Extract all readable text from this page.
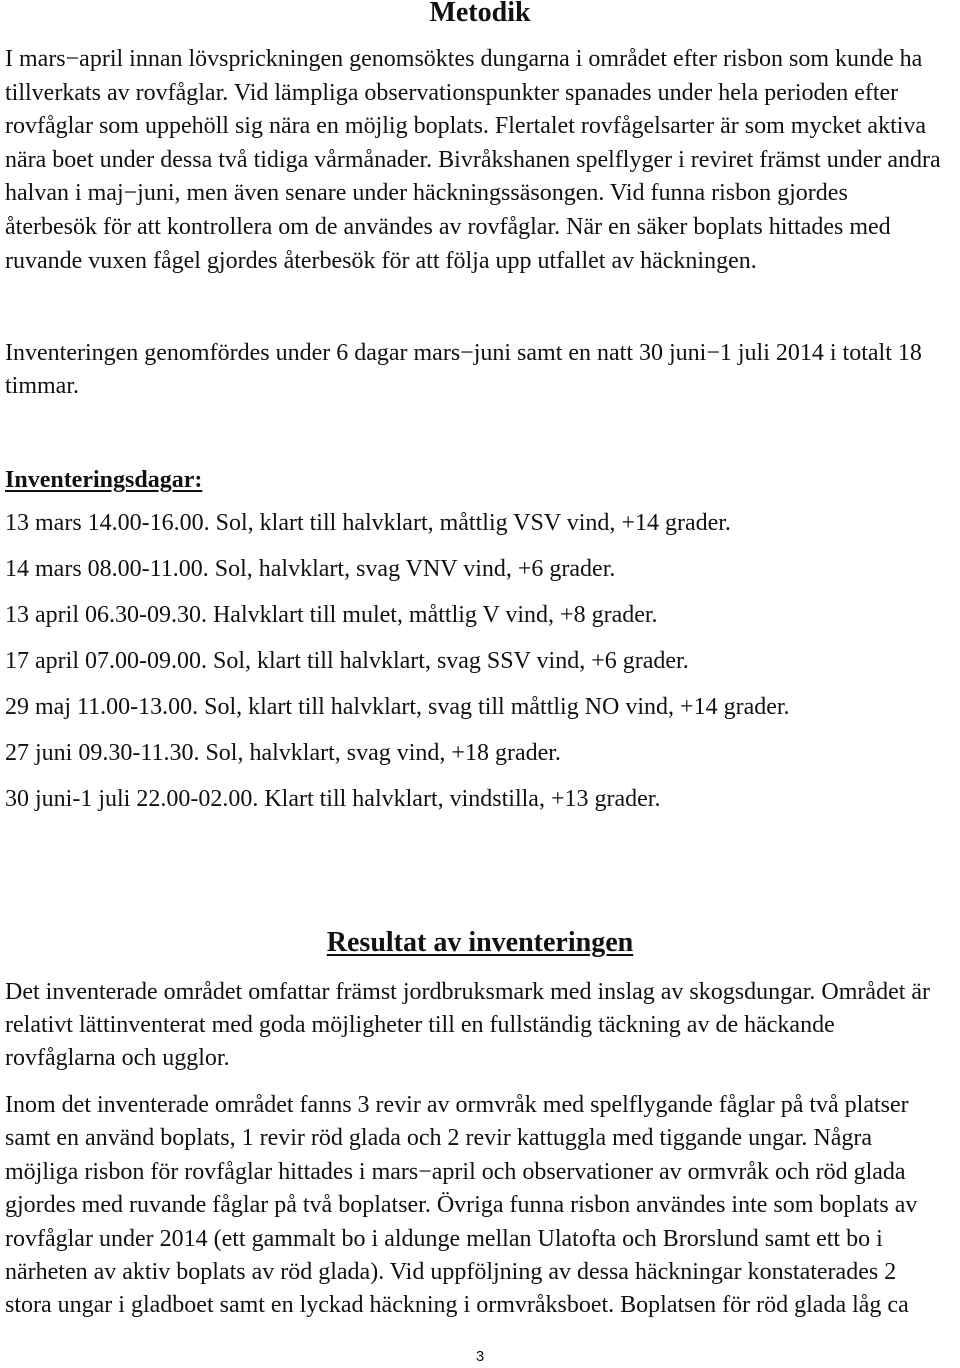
Metodik
I mars−april innan lövsprickningen genomsöktes dungarna i området efter risbon som kunde ha
tillverkats av rovfåglar. Vid lämpliga observationspunkter spanades under hela perioden efter
rovfåglar som uppehöll sig nära en möjlig boplats. Flertalet rovfågelsarter är som mycket aktiva
nära boet under dessa två tidiga vårmånader. Bivråkshanen spelflyger i reviret främst under andra
halvan i maj−juni, men även senare under häckningssäsongen. Vid funna risbon gjordes
återbesök för att kontrollera om de användes av rovfåglar. När en säker boplats hittades med
ruvande vuxen fågel gjordes återbesök för att följa upp utfallet av häckningen.
Inventeringen genomfördes under 6 dagar mars−juni samt en natt 30 juni−1 juli 2014 i totalt 18
timmar.
Inventeringsdagar:
13 mars 14.00-16.00. Sol, klart till halvklart, måttlig VSV vind, +14 grader.
14 mars 08.00-11.00. Sol, halvklart, svag VNV vind, +6 grader.
13 april 06.30-09.30. Halvklart till mulet, måttlig V vind, +8 grader.
17 april 07.00-09.00. Sol, klart till halvklart, svag SSV vind, +6 grader.
29 maj 11.00-13.00. Sol, klart till halvklart, svag till måttlig NO vind, +14 grader.
27 juni 09.30-11.30. Sol, halvklart, svag vind, +18 grader.
30 juni-1 juli 22.00-02.00. Klart till halvklart, vindstilla, +13 grader.
Resultat av inventeringen
Det inventerade området omfattar främst jordbruksmark med inslag av skogsdungar. Området är
relativt lättinventerat med goda möjligheter till en fullständig täckning av de häckande
rovfåglarna och ugglor.
Inom det inventerade området fanns 3 revir av ormvråk med spelflygande fåglar på två platser
samt en använd boplats, 1 revir röd glada och 2 revir kattuggla med tiggande ungar. Några
möjliga risbon för rovfåglar hittades i mars−april och observationer av ormvråk och röd glada
gjordes med ruvande fåglar på två boplatser. Övriga funna risbon användes inte som boplats av
rovfåglar under 2014 (ett gammalt bo i aldunge mellan Ulatofta och Brorslund samt ett bo i
närheten av aktiv boplats av röd glada). Vid uppföljning av dessa häckningar konstaterades 2
stora ungar i gladboet samt en lyckad häckning i ormvråksboet. Boplatsen för röd glada låg ca
3
